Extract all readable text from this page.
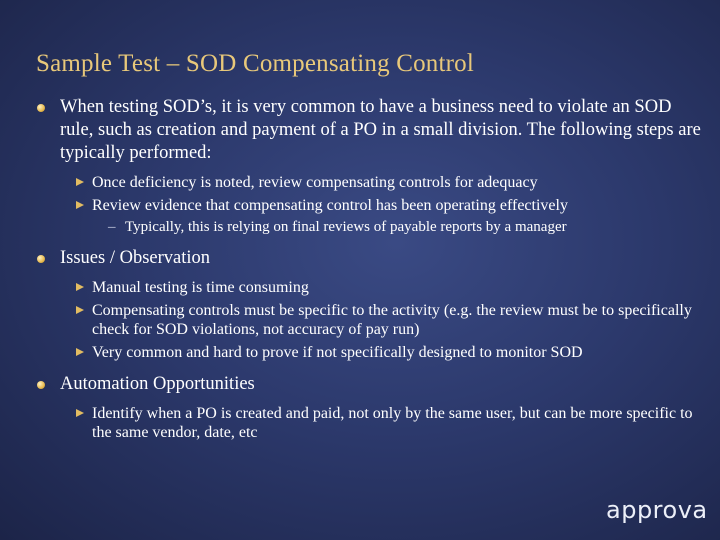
Sample Test – SOD Compensating Control
When testing SOD’s, it is very common to have a business need to violate an SOD rule, such as creation and payment of a PO in a small division. The following steps are typically performed:
Once deficiency is noted, review compensating controls for adequacy
Review evidence that compensating control has been operating effectively
– Typically, this is relying on final reviews of payable reports by a manager
Issues / Observation
Manual testing is time consuming
Compensating controls must be specific to the activity (e.g. the review must be to specifically check for SOD violations, not accuracy of pay run)
Very common and hard to prove if not specifically designed to monitor SOD
Automation Opportunities
Identify when a PO is created and paid, not only by the same user, but can be more specific to the same vendor, date, etc
approva
